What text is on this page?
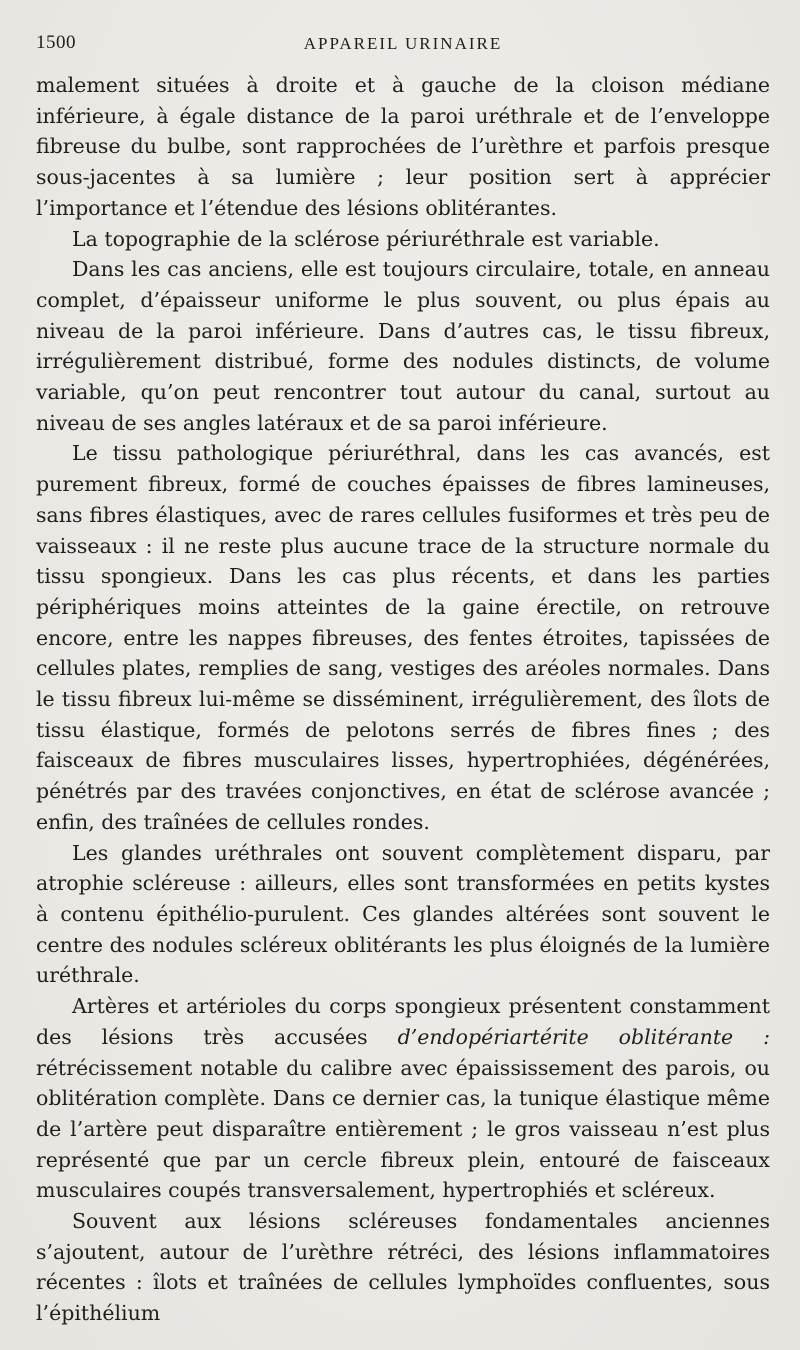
1500	APPAREIL URINAIRE

malement situées à droite et à gauche de la cloison médiane inférieure, à égale distance de la paroi uréthrale et de l’enveloppe fibreuse du bulbe, sont rapprochées de l’urèthre et parfois presque sous-jacentes à sa lumière ; leur position sert à apprécier l’importance et l’étendue des lésions oblitérantes.

La topographie de la sclérose périuréthrale est variable.

Dans les cas anciens, elle est toujours circulaire, totale, en anneau complet, d’épaisseur uniforme le plus souvent, ou plus épais au niveau de la paroi inférieure. Dans d’autres cas, le tissu fibreux, irrégulièrement distribué, forme des nodules distincts, de volume variable, qu’on peut rencontrer tout autour du canal, surtout au niveau de ses angles latéraux et de sa paroi inférieure.

Le tissu pathologique périuréthral, dans les cas avancés, est purement fibreux, formé de couches épaisses de fibres lamineuses, sans fibres élastiques, avec de rares cellules fusiformes et très peu de vaisseaux : il ne reste plus aucune trace de la structure normale du tissu spongieux. Dans les cas plus récents, et dans les parties périphériques moins atteintes de la gaine érectile, on retrouve encore, entre les nappes fibreuses, des fentes étroites, tapissées de cellules plates, remplies de sang, vestiges des aréoles normales. Dans le tissu fibreux lui-même se disséminent, irrégulièrement, des îlots de tissu élastique, formés de pelotons serrés de fibres fines ; des faisceaux de fibres musculaires lisses, hypertrophiées, dégénérées, pénétrés par des travées conjonctives, en état de sclérose avancée ; enfin, des traînées de cellules rondes.

Les glandes uréthrales ont souvent complètement disparu, par atrophie scléreuse : ailleurs, elles sont transformées en petits kystes à contenu épithélio-purulent. Ces glandes altérées sont souvent le centre des nodules scléreux oblitérants les plus éloignés de la lumière uréthrale.

Artères et artérioles du corps spongieux présentent constamment des lésions très accusées d’endopériartérite oblitérante : rétrécissement notable du calibre avec épaississement des parois, ou oblitération complète. Dans ce dernier cas, la tunique élastique même de l’artère peut disparaître entièrement ; le gros vaisseau n’est plus représenté que par un cercle fibreux plein, entouré de faisceaux musculaires coupés transversalement, hypertrophiés et scléreux.

Souvent aux lésions scléreuses fondamentales anciennes s’ajoutent, autour de l’urèthre rétréci, des lésions inflammatoires récentes : îlots et traînées de cellules lymphoïdes confluentes, sous l’épithélium
